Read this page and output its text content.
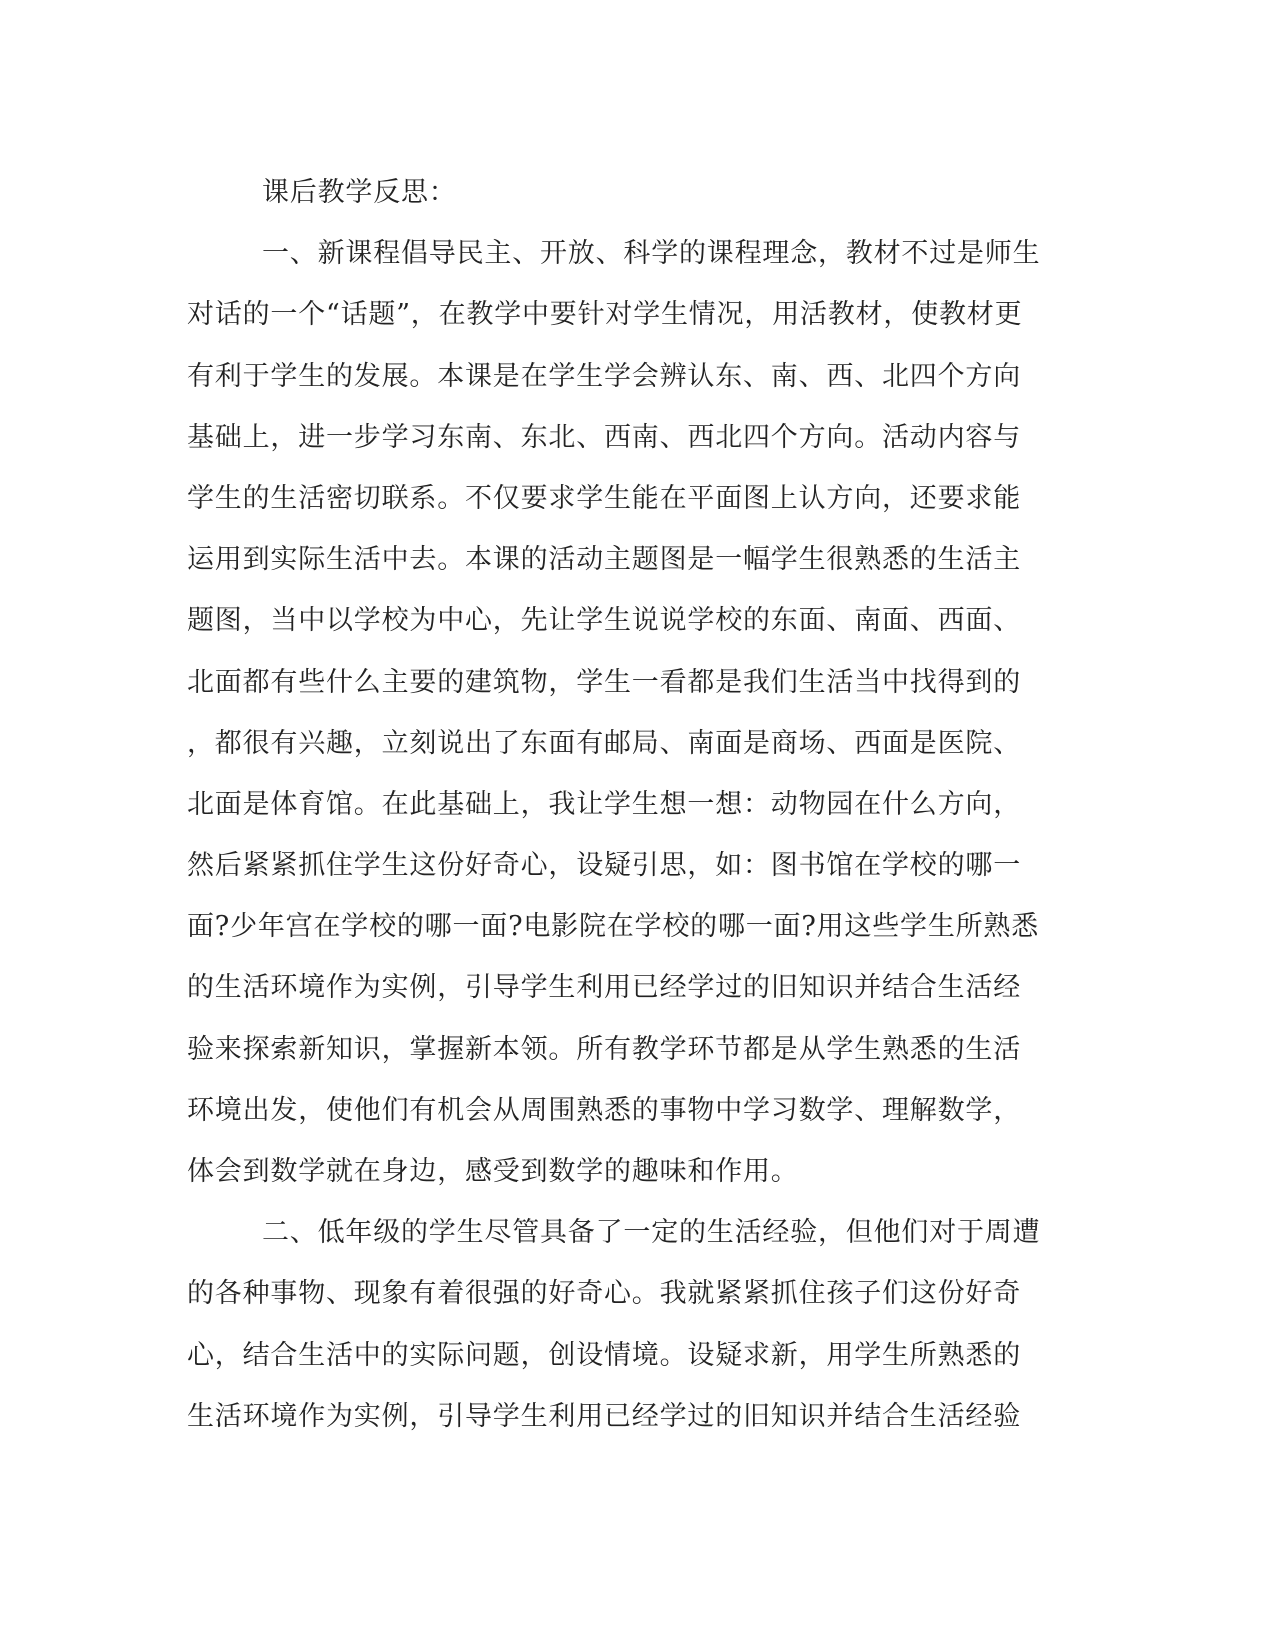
课后教学反思：
一、新课程倡导民主、开放、科学的课程理念，教材不过是师生
对话的一个“话题”，在教学中要针对学生情况，用活教材，使教材更
有利于学生的发展。本课是在学生学会辨认东、南、西、北四个方向
基础上，进一步学习东南、东北、西南、西北四个方向。活动内容与
学生的生活密切联系。不仅要求学生能在平面图上认方向，还要求能
运用到实际生活中去。本课的活动主题图是一幅学生很熟悉的生活主
题图，当中以学校为中心，先让学生说说学校的东面、南面、西面、
北面都有些什么主要的建筑物，学生一看都是我们生活当中找得到的
，都很有兴趣，立刻说出了东面有邮局、南面是商场、西面是医院、
北面是体育馆。在此基础上，我让学生想一想：动物园在什么方向，
然后紧紧抓住学生这份好奇心，设疑引思，如：图书馆在学校的哪一
面?少年宫在学校的哪一面?电影院在学校的哪一面?用这些学生所熟悉
的生活环境作为实例，引导学生利用已经学过的旧知识并结合生活经
验来探索新知识，掌握新本领。所有教学环节都是从学生熟悉的生活
环境出发，使他们有机会从周围熟悉的事物中学习数学、理解数学，
体会到数学就在身边，感受到数学的趣味和作用。
二、低年级的学生尽管具备了一定的生活经验，但他们对于周遭
的各种事物、现象有着很强的好奇心。我就紧紧抓住孩子们这份好奇
心，结合生活中的实际问题，创设情境。设疑求新，用学生所熟悉的
生活环境作为实例，引导学生利用已经学过的旧知识并结合生活经验
